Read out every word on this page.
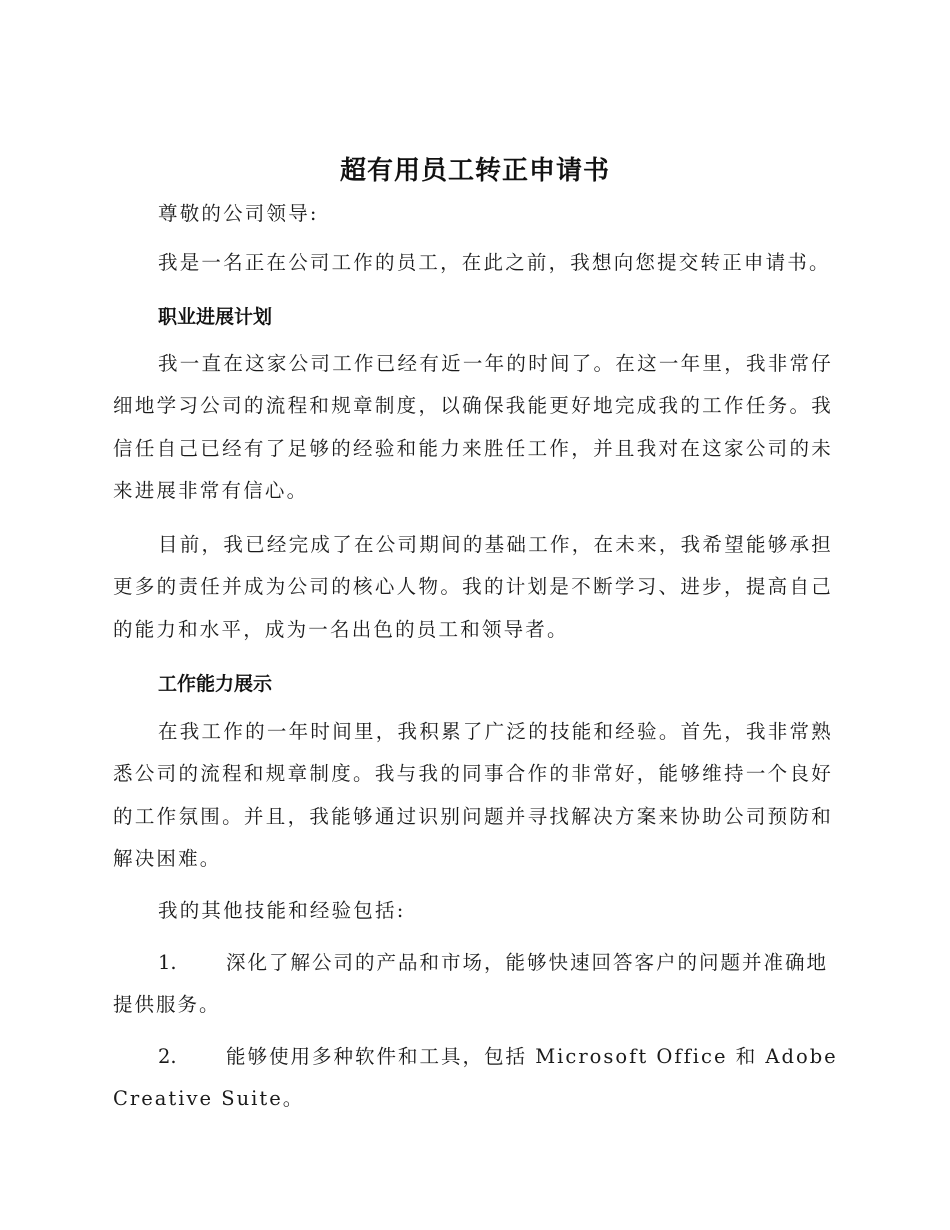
超有用员工转正申请书

尊敬的公司领导:

我是一名正在公司工作的员工，在此之前，我想向您提交转正申请书。

职业进展计划

我一直在这家公司工作已经有近一年的时间了。在这一年里，我非常仔细地学习公司的流程和规章制度，以确保我能更好地完成我的工作任务。我信任自己已经有了足够的经验和能力来胜任工作，并且我对在这家公司的未来进展非常有信心。

目前，我已经完成了在公司期间的基础工作，在未来，我希望能够承担更多的责任并成为公司的核心人物。我的计划是不断学习、进步，提高自己的能力和水平，成为一名出色的员工和领导者。

工作能力展示

在我工作的一年时间里，我积累了广泛的技能和经验。首先，我非常熟悉公司的流程和规章制度。我与我的同事合作的非常好，能够维持一个良好的工作氛围。并且，我能够通过识别问题并寻找解决方案来协助公司预防和解决困难。

我的其他技能和经验包括:

1.	深化了解公司的产品和市场，能够快速回答客户的问题并准确地提供服务。
2.	能够使用多种软件和工具，包括 Microsoft Office 和 Adobe Creative Suite。
